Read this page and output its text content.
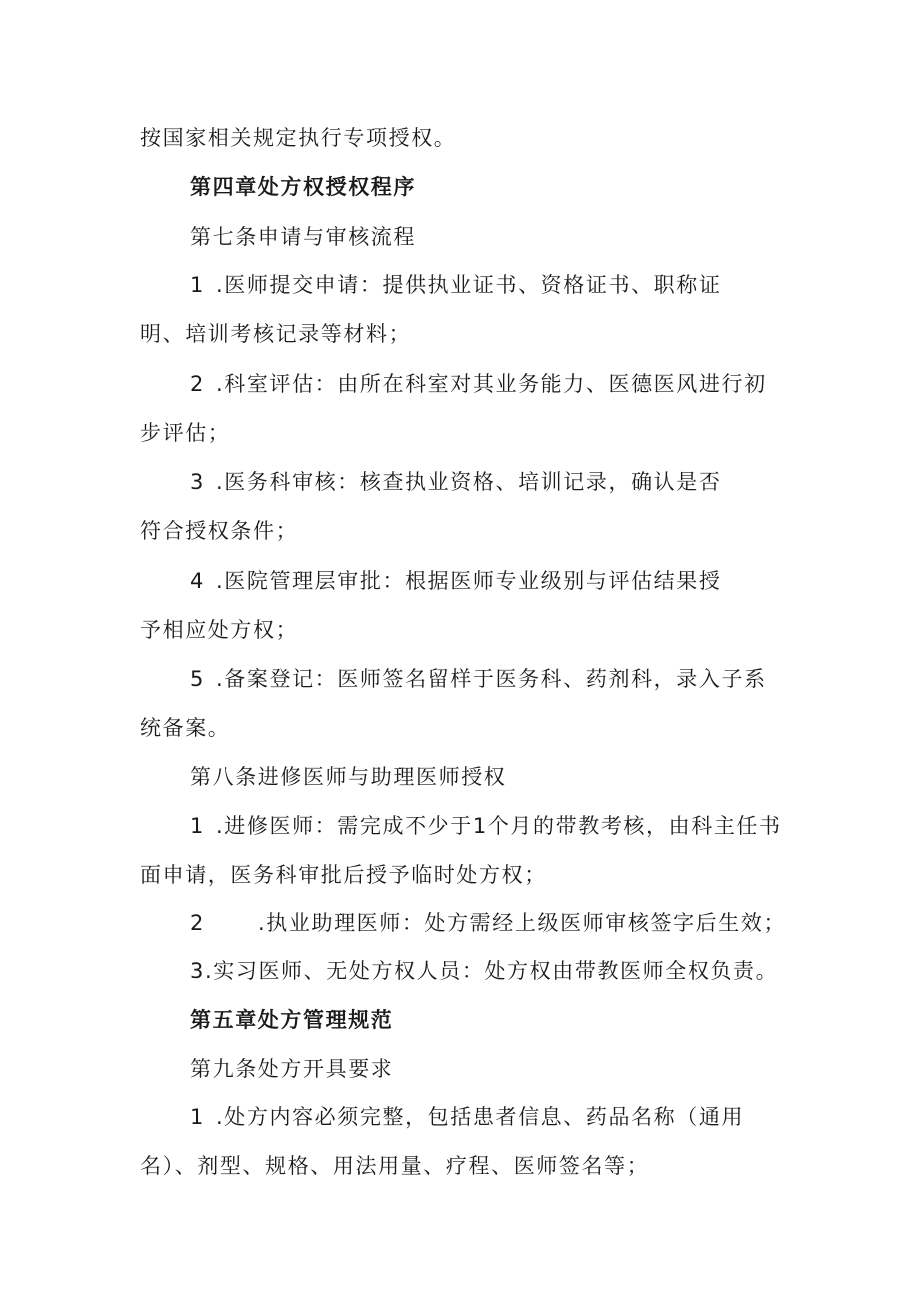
按国家相关规定执行专项授权。
第四章处方权授权程序
第七条申请与审核流程
1 .医师提交申请：提供执业证书、资格证书、职称证
明、培训考核记录等材料；
2 .科室评估：由所在科室对其业务能力、医德医风进行初
步评估；
3 .医务科审核：核查执业资格、培训记录，确认是否
符合授权条件；
4 .医院管理层审批：根据医师专业级别与评估结果授
予相应处方权；
5 .备案登记：医师签名留样于医务科、药剂科，录入子系
统备案。
第八条进修医师与助理医师授权
1 .进修医师：需完成不少于1个月的带教考核，由科主任书
面申请，医务科审批后授予临时处方权；
2	.执业助理医师：处方需经上级医师审核签字后生效；
3.实习医师、无处方权人员：处方权由带教医师全权负责。
第五章处方管理规范
第九条处方开具要求
1 .处方内容必须完整，包括患者信息、药品名称（通用
名）、剂型、规格、用法用量、疗程、医师签名等；
